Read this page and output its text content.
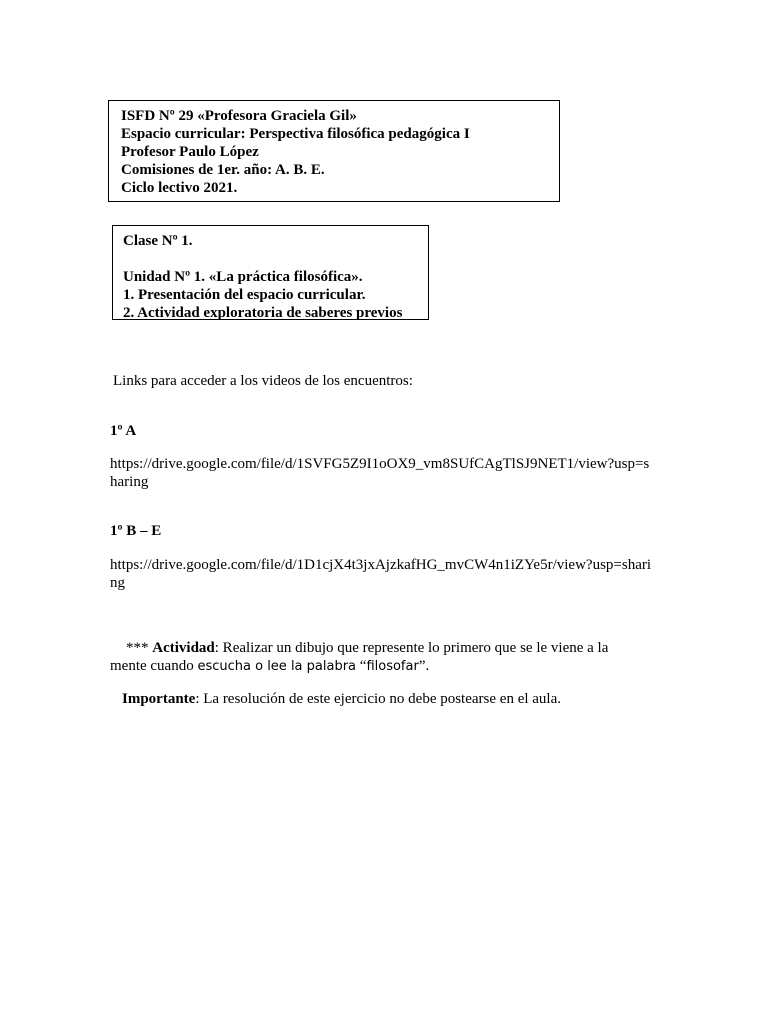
ISFD Nº 29 «Profesora Graciela Gil»
Espacio curricular: Perspectiva filosófica pedagógica I
Profesor Paulo López
Comisiones de 1er. año: A. B. E.
Ciclo lectivo 2021.
Clase Nº 1.
Unidad Nº 1. «La práctica filosófica».
1. Presentación del espacio curricular.
2. Actividad exploratoria de saberes previos
Links para acceder a los videos de los encuentros:
1º A
https://drive.google.com/file/d/1SVFG5Z9I1oOX9_vm8SUfCAgTlSJ9NET1/view?usp=sharing
1º B – E
https://drive.google.com/file/d/1D1cjX4t3jxAjzkafHG_mvCW4n1iZYe5r/view?usp=sharing
*** Actividad: Realizar un dibujo que represente lo primero que se le viene a la
mente cuando escucha o lee la palabra “filosofar”.
Importante: La resolución de este ejercicio no debe postearse en el aula.
